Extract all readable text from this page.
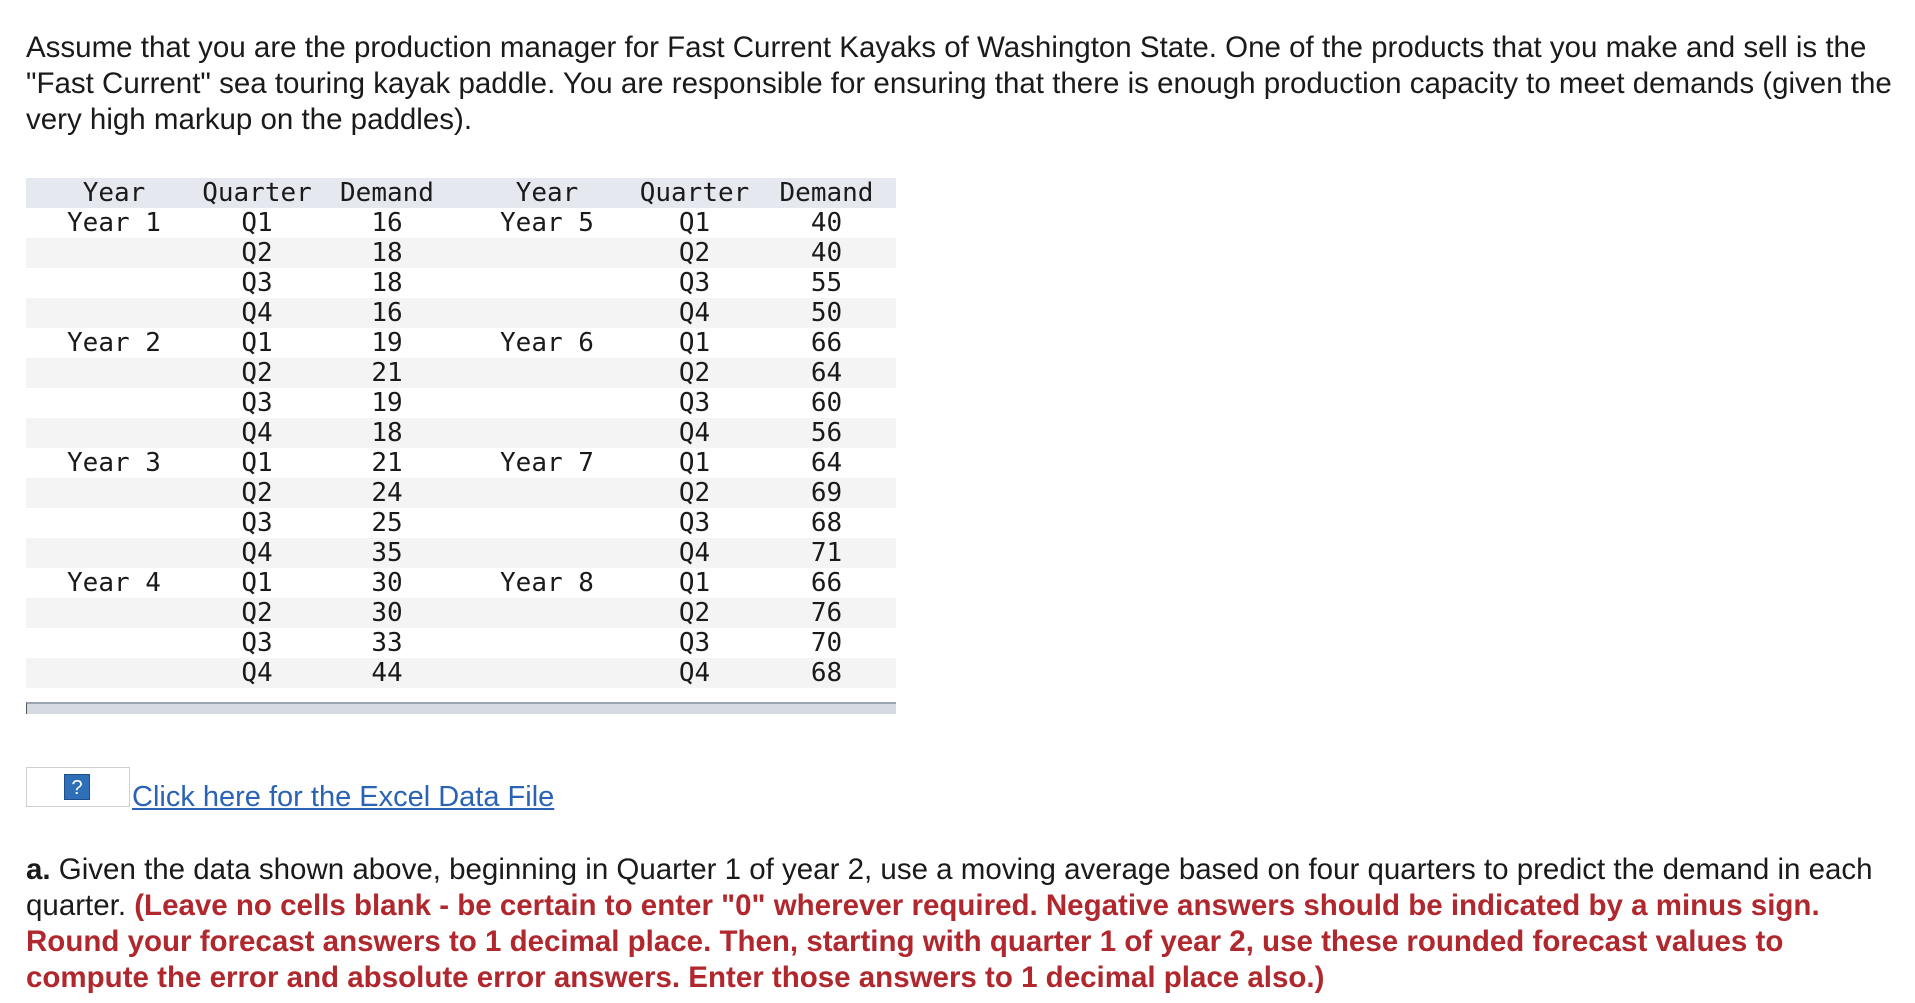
Assume that you are the production manager for Fast Current Kayaks of Washington State. One of the products that you make and sell is the "Fast Current" sea touring kayak paddle. You are responsible for ensuring that there is enough production capacity to meet demands (given the very high markup on the paddles).

Year	Quarter	Demand	Year	Quarter	Demand
Year 1	Q1	16	Year 5	Q1	40
	Q2	18		Q2	40
	Q3	18		Q3	55
	Q4	16		Q4	50
Year 2	Q1	19	Year 6	Q1	66
	Q2	21		Q2	64
	Q3	19		Q3	60
	Q4	18		Q4	56
Year 3	Q1	21	Year 7	Q1	64
	Q2	24		Q2	69
	Q3	25		Q3	68
	Q4	35		Q4	71
Year 4	Q1	30	Year 8	Q1	66
	Q2	30		Q2	76
	Q3	33		Q3	70
	Q4	44		Q4	68
? Click here for the Excel Data File

a. Given the data shown above, beginning in Quarter 1 of year 2, use a moving average based on four quarters to predict the demand in each quarter. (Leave no cells blank - be certain to enter "0" wherever required. Negative answers should be indicated by a minus sign. Round your forecast answers to 1 decimal place. Then, starting with quarter 1 of year 2, use these rounded forecast values to compute the error and absolute error answers. Enter those answers to 1 decimal place also.)
